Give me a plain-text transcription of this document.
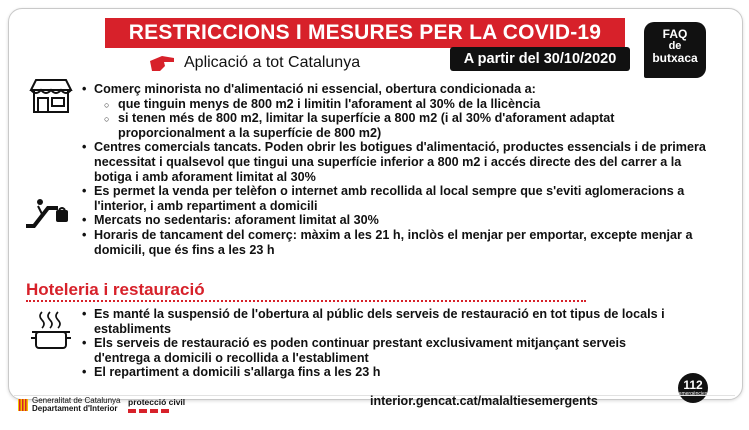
RESTRICCIONS I MESURES PER LA COVID-19
Aplicació a tot Catalunya	A partir del 30/10/2020
FAQ
de
butxaca
• Comerç minorista no d'alimentació ni essencial, obertura condicionada a:
○ que tinguin menys de 800 m2 i limitin l'aforament al 30% de la llicència
○ si tenen més de 800 m2, limitar la superfície a 800 m2 (i al 30% d'aforament adaptat proporcionalment a la superfície de 800 m2)
• Centres comercials tancats. Poden obrir les botigues d'alimentació, productes essencials i de primera necessitat i qualsevol que tingui una superfície inferior a 800 m2 i accés directe des del carrer a la botiga i amb aforament limitat al 30%
• Es permet la venda per telèfon o internet amb recollida al local sempre que s'eviti aglomeracions a l'interior, i amb repartiment a domicili
• Mercats no sedentaris: aforament limitat al 30%
• Horaris de tancament del comerç: màxim a les 21 h, inclòs el menjar per emportar, excepte menjar a domicili, que és fins a les 23 h
Hoteleria i restauració
• Es manté la suspensió de l'obertura al públic dels serveis de restauració en tot tipus de locals i establiments
• Els serveis de restauració es poden continuar prestant exclusivament mitjançant serveis d'entrega a domicili o recollida a l'establiment
• El repartiment a domicili s'allarga fins a les 23 h
112
emergències
Generalitat de Catalunya
Departament d'Interior
protecció civil	interior.gencat.cat/malaltiesemergents
